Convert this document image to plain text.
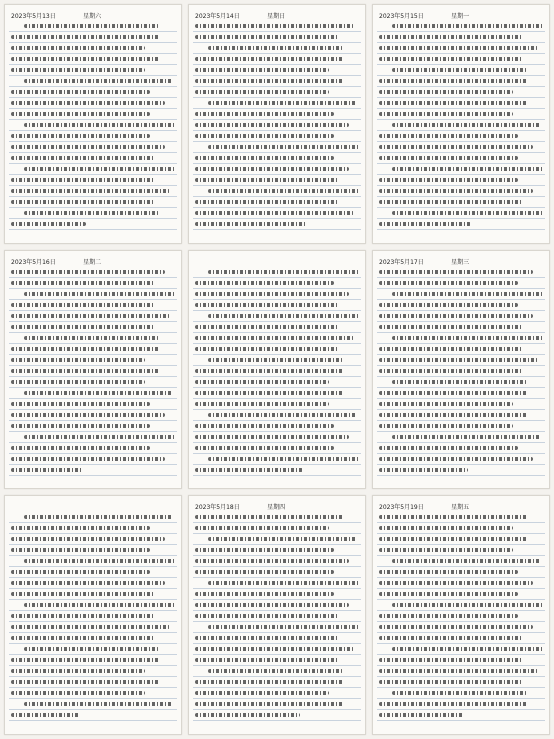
2023年5月13日	星期六	2023年5月14日	星期日	2023年5月15日	星期一
2023年5月16日	星期二	2023年5月17日	星期三
2023年5月18日	星期四	2023年5月19日	星期五
